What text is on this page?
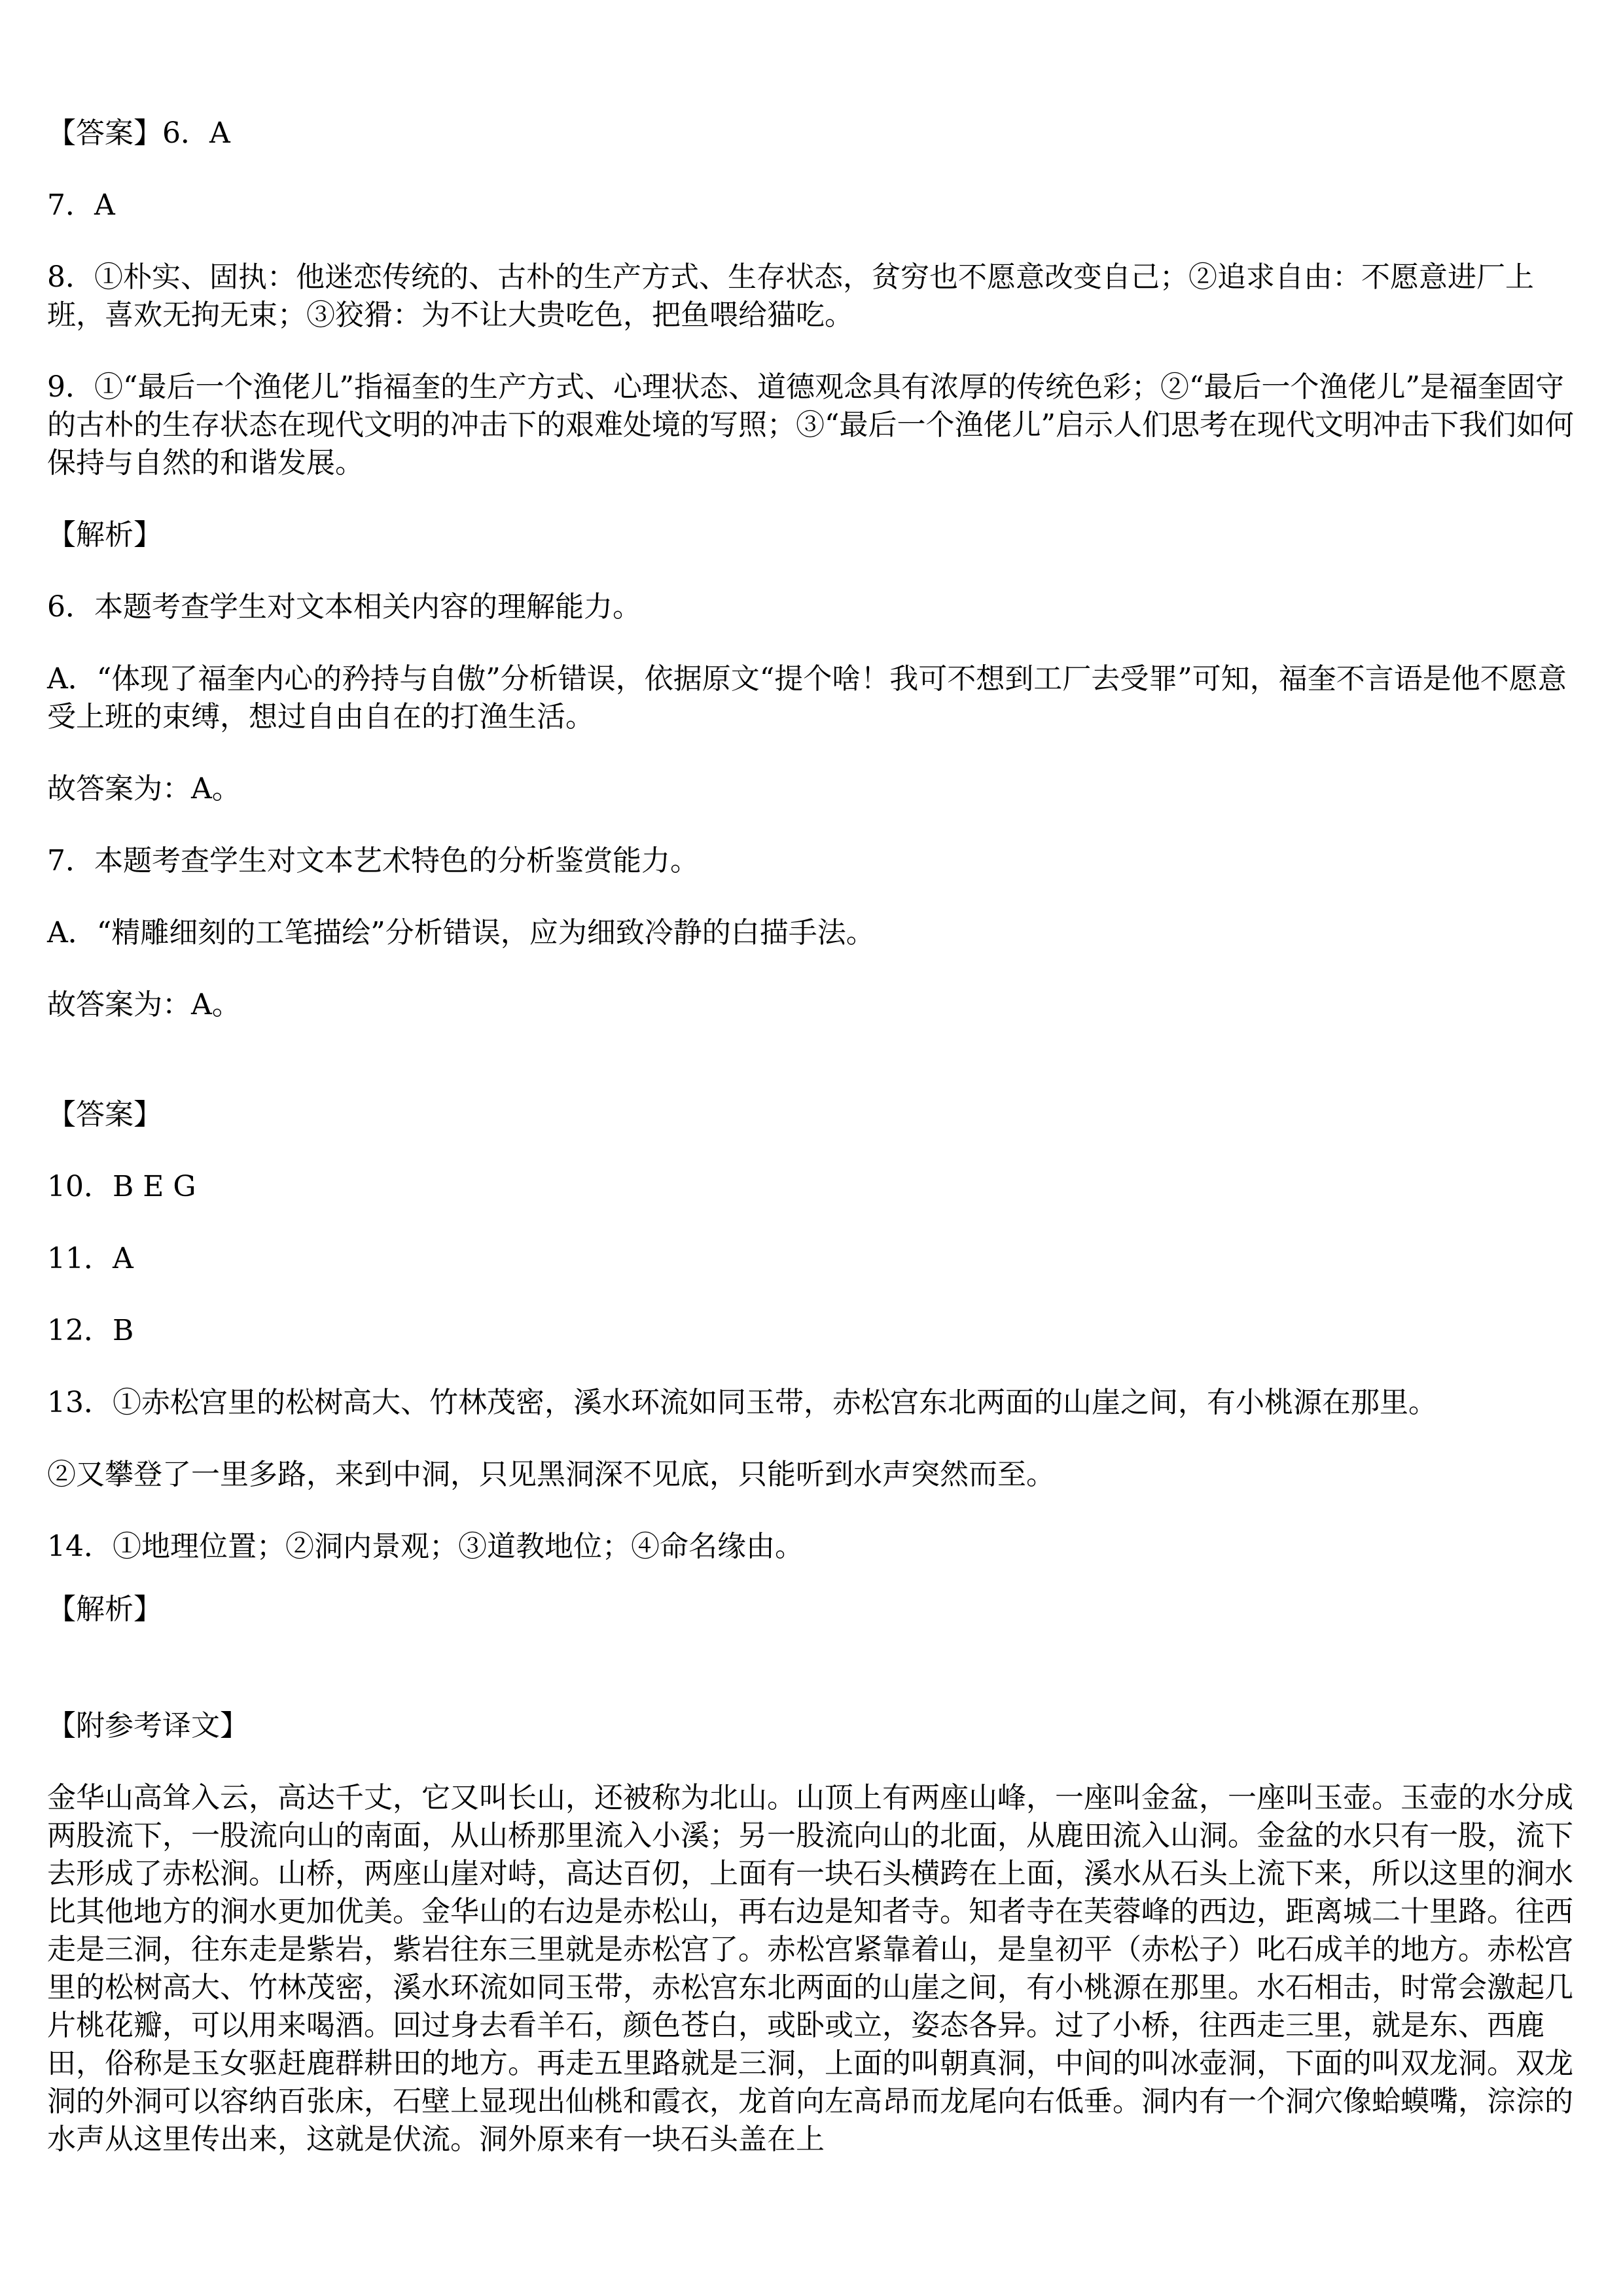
【答案】6．A

7．A

8．①朴实、固执：他迷恋传统的、古朴的生产方式、生存状态，贫穷也不愿意改变自己；②追求自由：不愿意进厂上班，喜欢无拘无束；③狡猾：为不让大贵吃色，把鱼喂给猫吃。

9．①“最后一个渔佬儿”指福奎的生产方式、心理状态、道德观念具有浓厚的传统色彩；②“最后一个渔佬儿”是福奎固守的古朴的生存状态在现代文明的冲击下的艰难处境的写照；③“最后一个渔佬儿”启示人们思考在现代文明冲击下我们如何保持与自然的和谐发展。

【解析】

6．本题考查学生对文本相关内容的理解能力。

A．“体现了福奎内心的矜持与自傲”分析错误，依据原文“提个啥！我可不想到工厂去受罪”可知，福奎不言语是他不愿意受上班的束缚，想过自由自在的打渔生活。

故答案为：A。

7．本题考查学生对文本艺术特色的分析鉴赏能力。

A．“精雕细刻的工笔描绘”分析错误，应为细致冷静的白描手法。

故答案为：A。

【答案】

10．B E G

11．A

12．B

13．①赤松宫里的松树高大、竹林茂密，溪水环流如同玉带，赤松宫东北两面的山崖之间，有小桃源在那里。

②又攀登了一里多路，来到中洞，只见黑洞深不见底，只能听到水声突然而至。

14．①地理位置；②洞内景观；③道教地位；④命名缘由。

【解析】

【附参考译文】

金华山高耸入云，高达千丈，它又叫长山，还被称为北山。山顶上有两座山峰，一座叫金盆，一座叫玉壶。玉壶的水分成两股流下，一股流向山的南面，从山桥那里流入小溪；另一股流向山的北面，从鹿田流入山洞。金盆的水只有一股，流下去形成了赤松涧。山桥，两座山崖对峙，高达百仞，上面有一块石头横跨在上面，溪水从石头上流下来，所以这里的涧水比其他地方的涧水更加优美。金华山的右边是赤松山，再右边是知者寺。知者寺在芙蓉峰的西边，距离城二十里路。往西走是三洞，往东走是紫岩，紫岩往东三里就是赤松宫了。赤松宫紧靠着山，是皇初平（赤松子）叱石成羊的地方。赤松宫里的松树高大、竹林茂密，溪水环流如同玉带，赤松宫东北两面的山崖之间，有小桃源在那里。水石相击，时常会激起几片桃花瓣，可以用来喝酒。回过身去看羊石，颜色苍白，或卧或立，姿态各异。过了小桥，往西走三里，就是东、西鹿田，俗称是玉女驱赶鹿群耕田的地方。再走五里路就是三洞，上面的叫朝真洞，中间的叫冰壶洞，下面的叫双龙洞。双龙洞的外洞可以容纳百张床，石壁上显现出仙桃和霞衣，龙首向左高昂而龙尾向右低垂。洞内有一个洞穴像蛤蟆嘴，淙淙的水声从这里传出来，这就是伏流。洞外原来有一块石头盖在上
